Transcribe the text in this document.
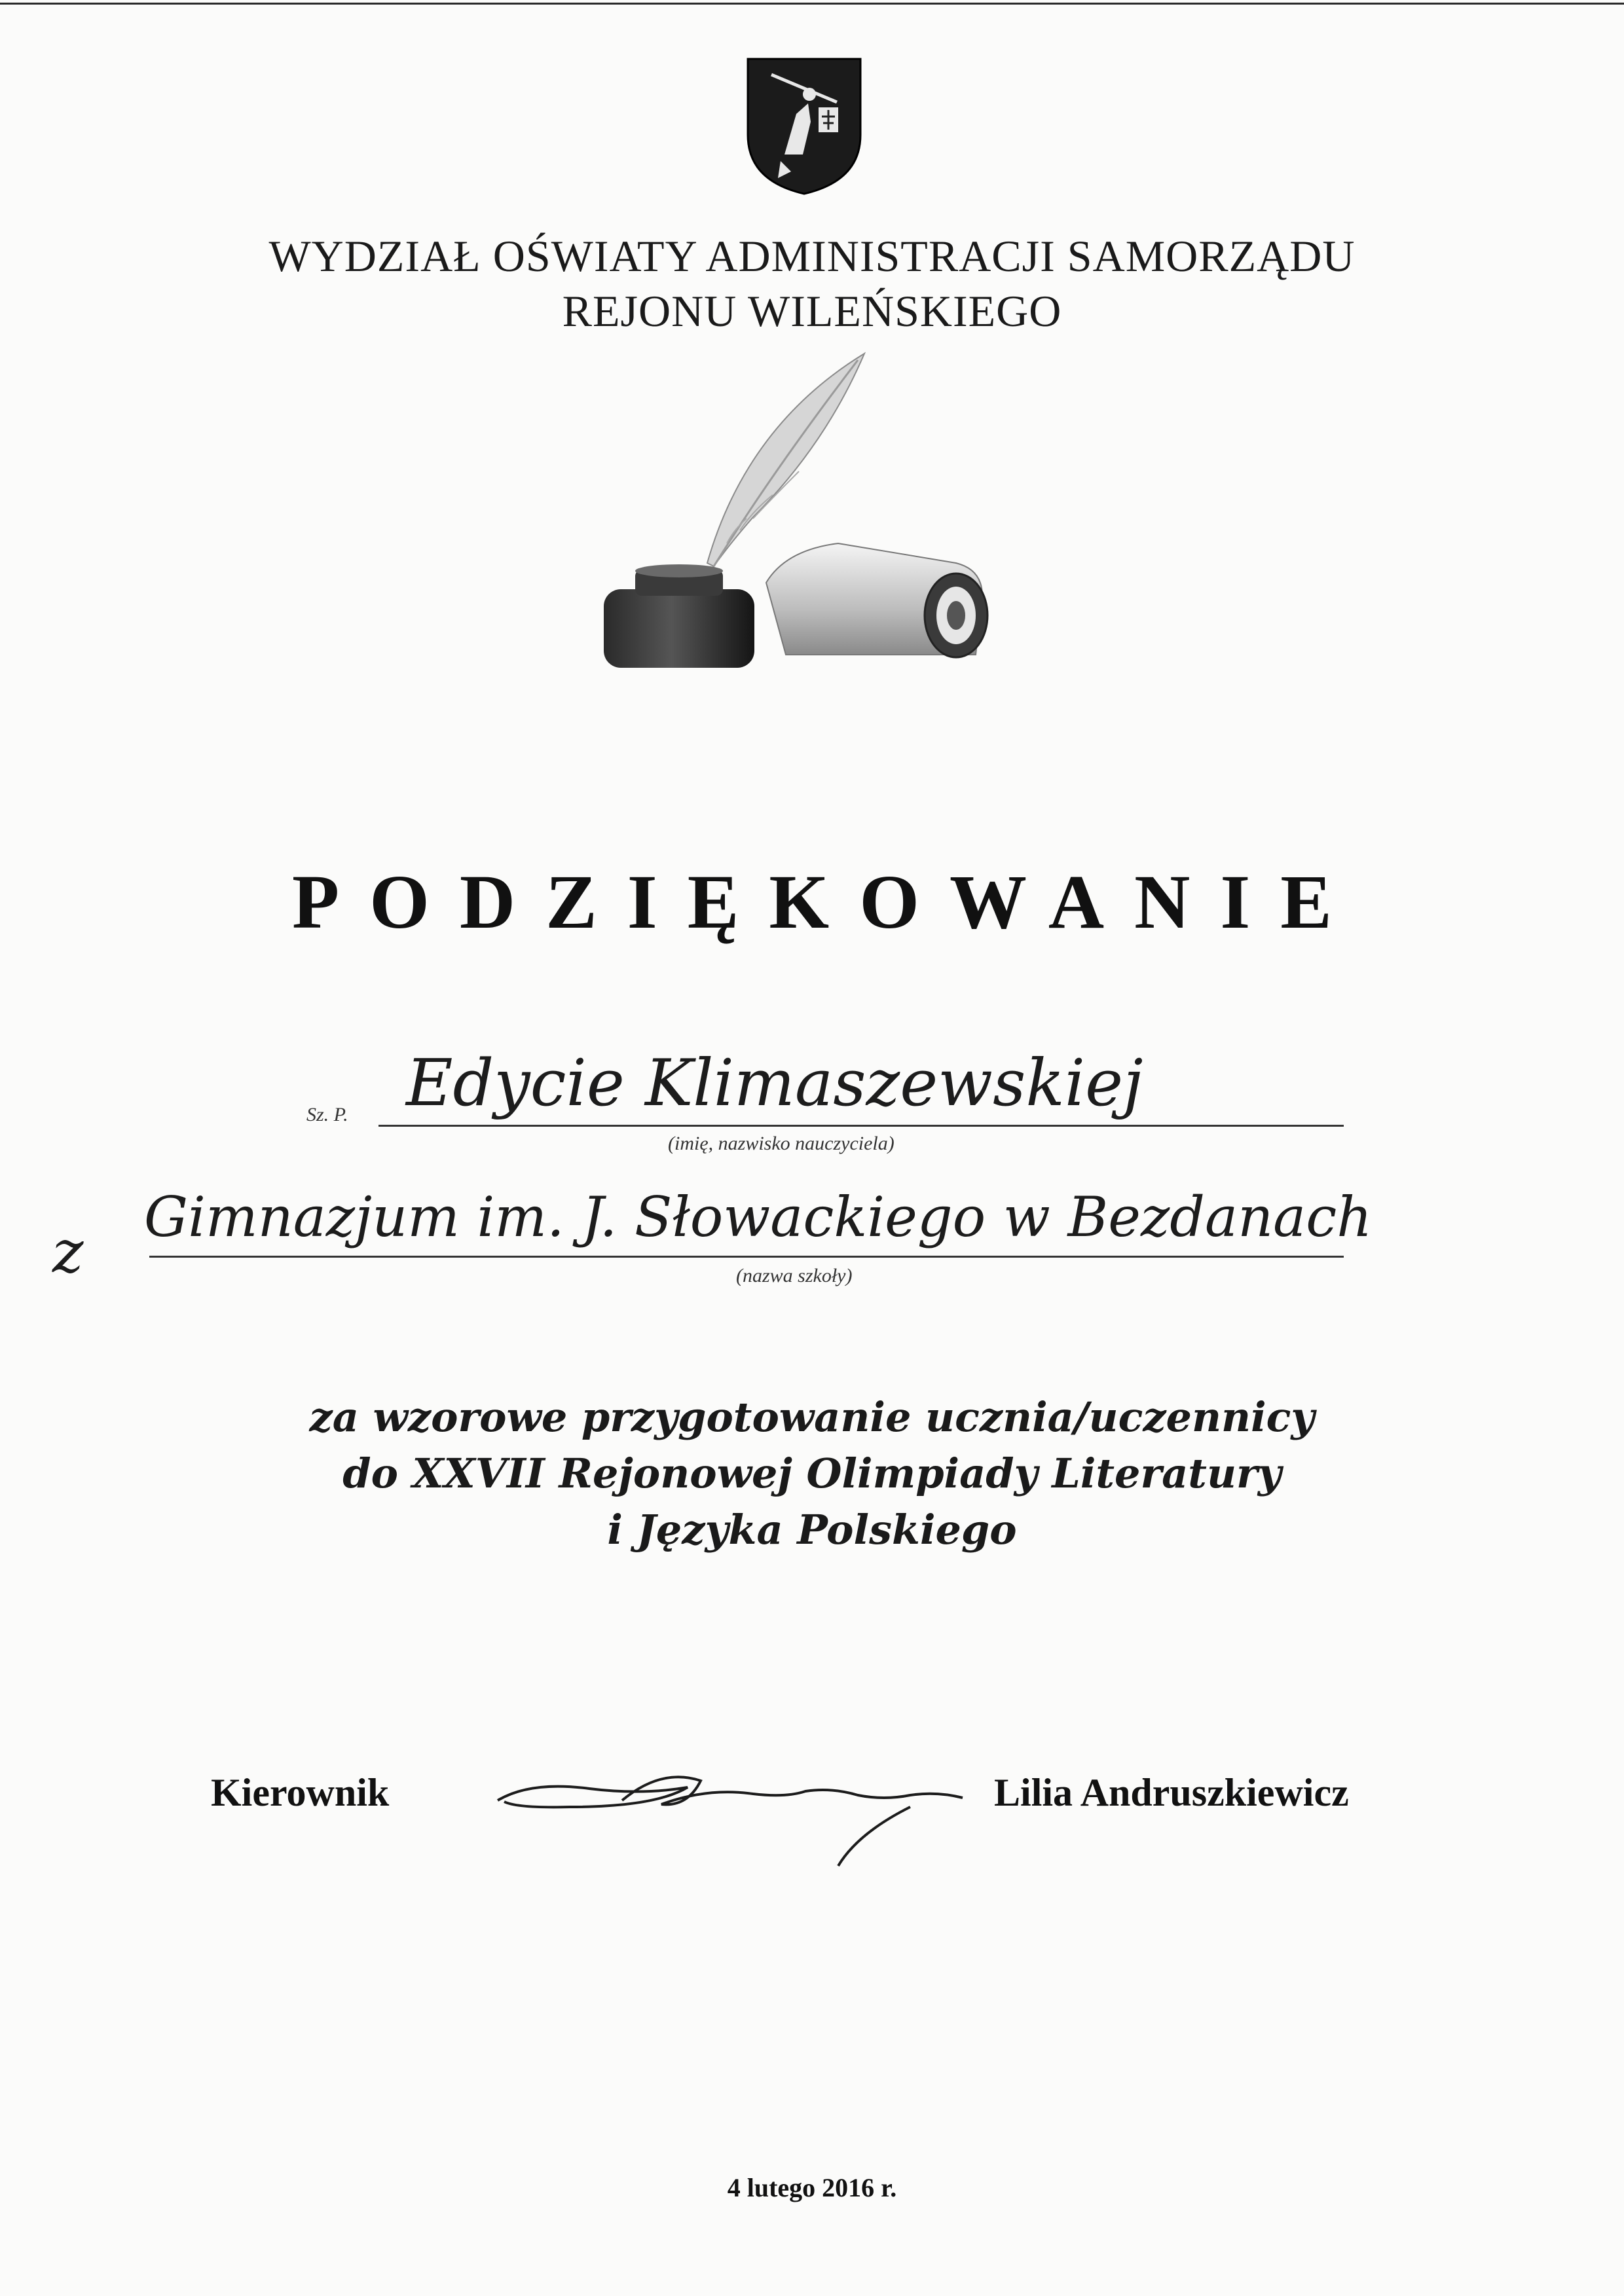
WYDZIAŁ OŚWIATY ADMINISTRACJI SAMORZĄDU
REJONU WILEŃSKIEGO
PODZIĘKOWANIE
Sz. P. Edycie Klimaszewskiej
(imię, nazwisko nauczyciela)
z
Gimnazjum im. J. Słowackiego w Bezdanach
(nazwa szkoły)
za wzorowe przygotowanie ucznia/uczennicy
do XXVII Rejonowej Olimpiady Literatury
i Języka Polskiego
Kierownik	Lilia Andruszkiewicz
4 lutego 2016 r.
